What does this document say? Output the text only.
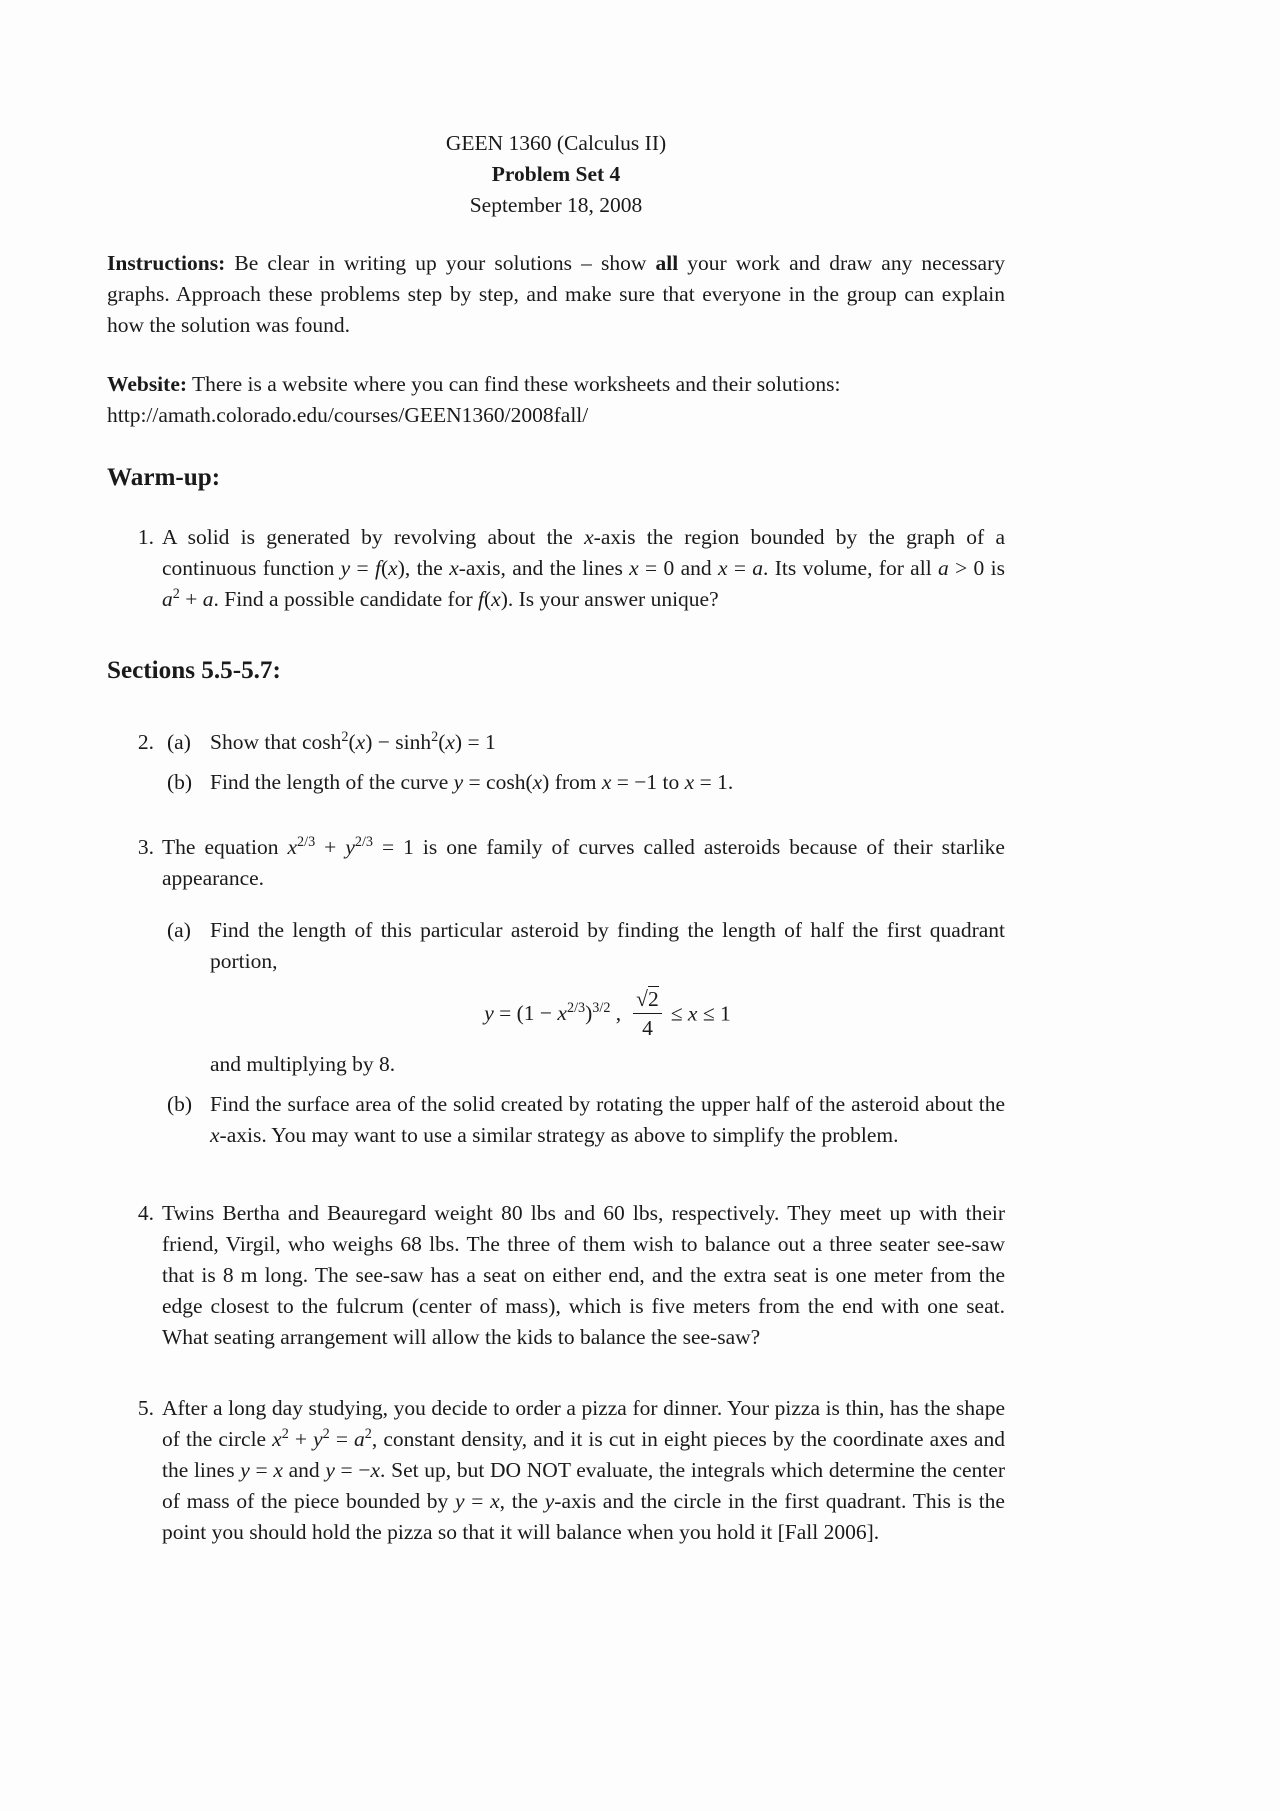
GEEN 1360 (Calculus II)
Problem Set 4
September 18, 2008

Instructions: Be clear in writing up your solutions – show all your work and draw any necessary graphs. Approach these problems step by step, and make sure that everyone in the group can explain how the solution was found.

Website: There is a website where you can find these worksheets and their solutions:
http://amath.colorado.edu/courses/GEEN1360/2008fall/

Warm-up:
1. A solid is generated by revolving about the x-axis the region bounded by the graph of a continuous function y = f(x), the x-axis, and the lines x = 0 and x = a. Its volume, for all a > 0 is $a^2 + a$. Find a possible candidate for f(x). Is your answer unique?
Sections 5.5-5.7:
2. (a) Show that $\cosh^2(x) - \sinh^2(x) = 1$
(b) Find the length of the curve y = cosh(x) from x = −1 to x = 1.
3. The equation $x^{2/3} + y^{2/3} = 1$ is one family of curves called asteroids because of their starlike appearance.
(a) Find the length of this particular asteroid by finding the length of half the first quadrant portion,
$y = (1 - x^{2/3})^{3/2}$ , $\frac{√2}{4} \le x \le 1$
and multiplying by 8.
(b) Find the surface area of the solid created by rotating the upper half of the asteroid about the x-axis. You may want to use a similar strategy as above to simplify the problem.
4. Twins Bertha and Beauregard weight 80 lbs and 60 lbs, respectively. They meet up with their friend, Virgil, who weighs 68 lbs. The three of them wish to balance out a three seater see-saw that is 8 m long. The see-saw has a seat on either end, and the extra seat is one meter from the edge closest to the fulcrum (center of mass), which is five meters from the end with one seat. What seating arrangement will allow the kids to balance the see-saw?
5. After a long day studying, you decide to order a pizza for dinner. Your pizza is thin, has the shape of the circle $x^2 + y^2 = a^2$, constant density, and it is cut in eight pieces by the coordinate axes and the lines y = x and y = −x. Set up, but DO NOT evaluate, the integrals which determine the center of mass of the piece bounded by y = x, the y-axis and the circle in the first quadrant. This is the point you should hold the pizza so that it will balance when you hold it [Fall 2006].
